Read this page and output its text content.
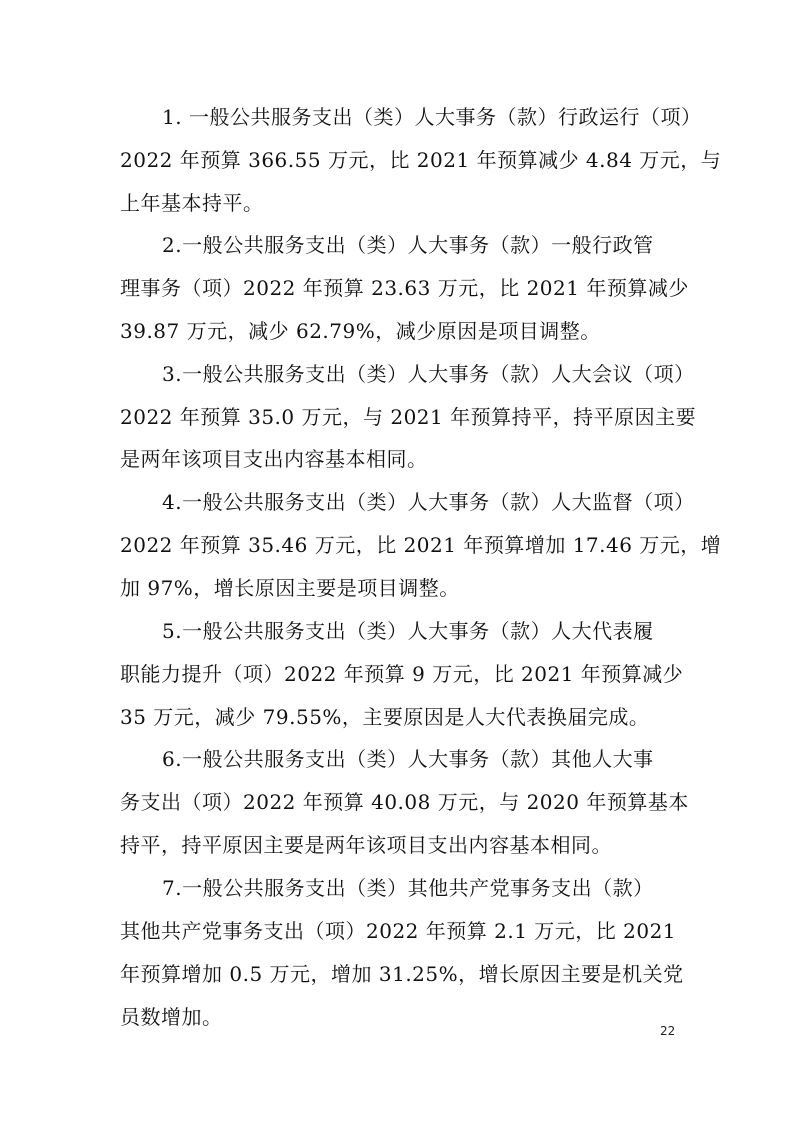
1. 一般公共服务支出（类）人大事务（款）行政运行（项）
2022 年预算 366.55 万元，比 2021 年预算减少 4.84 万元，与
上年基本持平。
2.一般公共服务支出（类）人大事务（款）一般行政管
理事务（项）2022 年预算 23.63 万元，比 2021 年预算减少
39.87 万元，减少 62.79%，减少原因是项目调整。
3.一般公共服务支出（类）人大事务（款）人大会议（项）
2022 年预算 35.0 万元，与 2021 年预算持平，持平原因主要
是两年该项目支出内容基本相同。
4.一般公共服务支出（类）人大事务（款）人大监督（项）
2022 年预算 35.46 万元，比 2021 年预算增加 17.46 万元，增
加 97%，增长原因主要是项目调整。
5.一般公共服务支出（类）人大事务（款）人大代表履
职能力提升（项）2022 年预算 9 万元，比 2021 年预算减少
35 万元，减少 79.55%，主要原因是人大代表换届完成。
6.一般公共服务支出（类）人大事务（款）其他人大事
务支出（项）2022 年预算 40.08 万元，与 2020 年预算基本
持平，持平原因主要是两年该项目支出内容基本相同。
7.一般公共服务支出（类）其他共产党事务支出（款）
其他共产党事务支出（项）2022 年预算 2.1 万元，比 2021
年预算增加 0.5 万元，增加 31.25%，增长原因主要是机关党
员数增加。
22
